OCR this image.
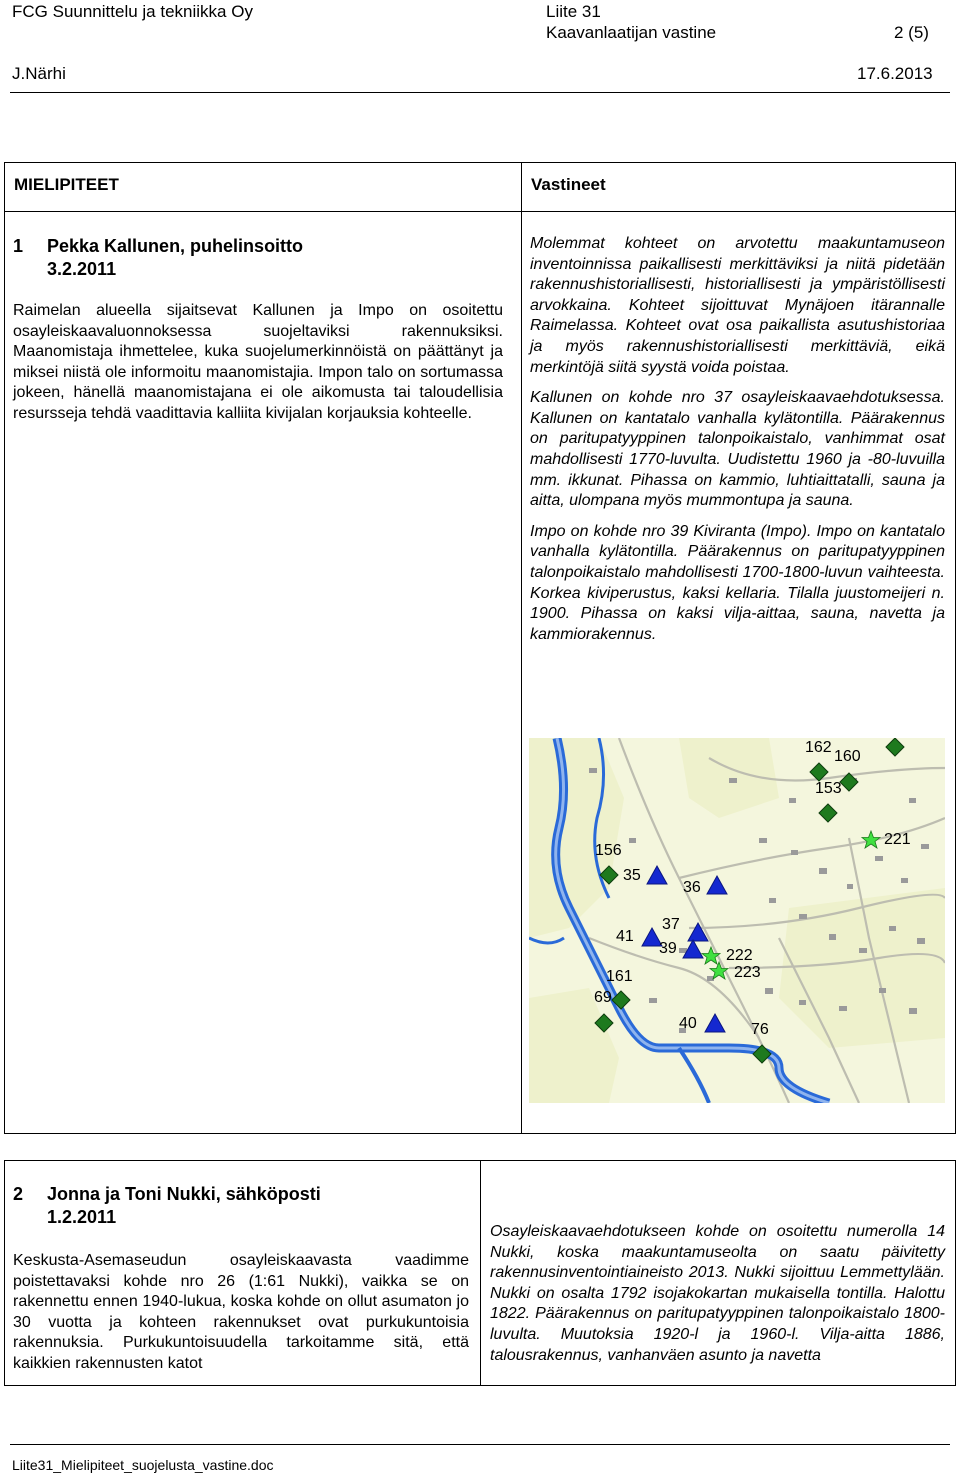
FCG Suunnittelu ja tekniikka Oy
J.Närhi
Liite 31
Kaavanlaatijan vastine	2 (5)
17.6.2013
MIELIPITEET	Vastineet
1 Pekka Kallunen, puhelinsoitto
3.2.2011

Raimelan alueella sijaitsevat Kallunen ja Impo on osoitettu osayleiskaavaluonnoksessa suojeltaviksi rakennuksiksi. Maanomistaja ihmettelee, kuka suojelumerkinnöistä on päättänyt ja miksei niistä ole informoitu maanomistajia. Impon talo on sortumassa jokeen, hänellä maanomistajana ei ole aikomusta tai taloudellisia resursseja tehdä vaadittavia kalliita kivijalan korjauksia kohteelle.

Molemmat kohteet on arvotettu maakuntamuseon inventoinnissa paikallisesti merkittäviksi ja niitä pidetään rakennushistoriallisesti, historiallisesti ja ympäristöllisesti arvokkaina. Kohteet sijoittuvat Mynäjoen itärannalle Raimelassa. Kohteet ovat osa paikallista asutushistoriaa ja myös rakennushistoriallisesti merkittäviä, eikä merkintöjä siitä syystä voida poistaa.

Kallunen on kohde nro 37 osayleiskaavaehdotuksessa. Kallunen on kantatalo vanhalla kylätontilla. Päärakennus on paritupatyyppinen talonpoikaistalo, vanhimmat osat mahdollisesti 1770-luvulta. Uudistettu 1960 ja -80-luvuilla mm. ikkunat. Pihassa on kammio, luhtiaittatalli, sauna ja aitta, ulompana myös mummontupa ja sauna.

Impo on kohde nro 39 Kiviranta (Impo). Impo on kantatalo vanhalla kylätontilla. Päärakennus on paritupatyyppinen talonpoikaistalo mahdollisesti 1700-1800-luvun vaihteesta. Korkea kiviperustus, kaksi kellaria. Tilalla juustomeijeri n. 1900. Pihassa on kaksi vilja-aittaa, sauna, navetta ja kammiorakennus.

162
160
153
221
156
35
36
37
41
39	222
223
161
69
40	76
2 Jonna ja Toni Nukki, sähköposti
1.2.2011

Keskusta-Asemaseudun osayleiskaavasta vaadimme poistettavaksi kohde nro 26 (1:61 Nukki), vaikka se on rakennettu ennen 1940-lukua, koska kohde on ollut asumaton jo 30 vuotta ja kohteen rakennukset ovat purkukuntoisia rakennuksia. Purkukuntoisuudella tarkoitamme sitä, että kaikkien rakennusten katot

Osayleiskaavaehdotukseen kohde on osoitettu numerolla 14 Nukki, koska maakuntamuseolta on saatu päivitetty rakennusinventointiaineisto 2013. Nukki sijoittuu Lemmettylään. Nukki on osalta 1792 isojakokartan mukaisella tontilla. Halottu 1822. Päärakennus on paritupatyyppinen talonpoikaistalo 1800-luvulta. Muutoksia 1920-l ja 1960-l. Vilja-aitta 1886, talousrakennus, vanhanväen asunto ja navetta

Liite31_Mielipiteet_suojelusta_vastine.doc
